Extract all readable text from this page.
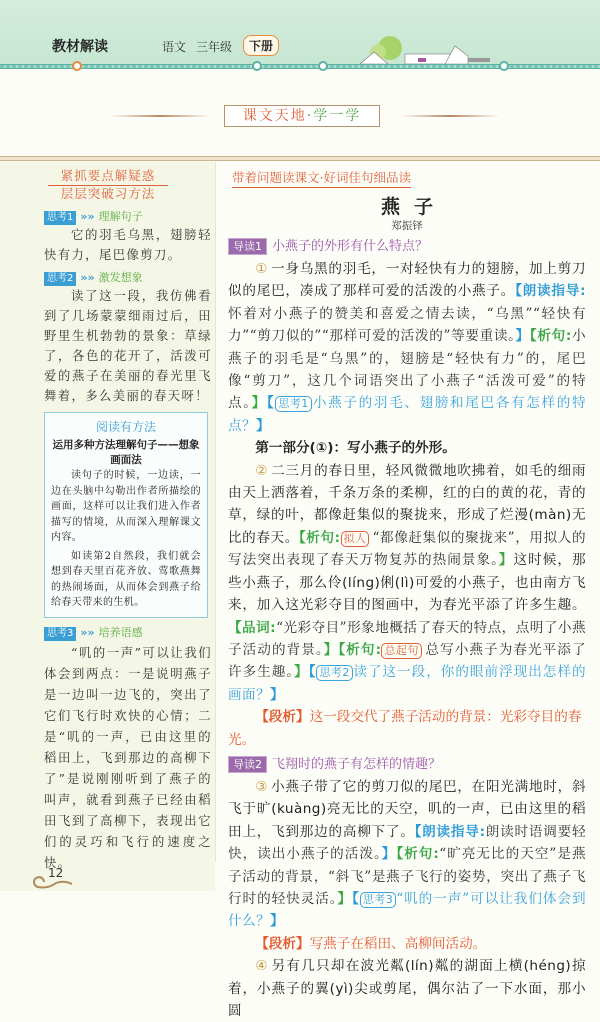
教材解读	语文 三年级	下册
课文天地·学一学
紧抓要点解疑惑
层层突破习方法
思考1 »» 理解句子
它的羽毛乌黑，翅膀轻快有力，尾巴像剪刀。
思考2 »» 激发想象
读了这一段，我仿佛看到了几场蒙蒙细雨过后，田野里生机勃勃的景象：草绿了，各色的花开了，活泼可爱的燕子在美丽的春光里飞舞着，多么美丽的春天呀！
阅读有方法
运用多种方法理解句子——想象画面法
读句子的时候，一边读，一边在头脑中勾勒出作者所描绘的画面，这样可以让我们进入作者描写的情境，从而深入理解课文内容。
如读第2自然段，我们就会想到春天里百花齐放、莺歌燕舞的热闹场面，从而体会到燕子给给春天带来的生机。
思考3 »» 培养语感
“叽的一声”可以让我们体会到两点：一是说明燕子是一边叫一边飞的，突出了它们飞行时欢快的心情；二是“叽的一声，已由这里的稻田上，飞到那边的高柳下了”是说刚刚听到了燕子的叫声，就看到燕子已经由稻田飞到了高柳下，表现出它们的灵巧和飞行的速度之快。
带着问题读课文·好词佳句细品读
燕子
郑振铎
导读1 小燕子的外形有什么特点？
① 一身乌黑的羽毛，一对轻快有力的翅膀，加上剪刀似的尾巴，凑成了那样可爱的活泼的小燕子。【朗读指导:怀着对小燕子的赞美和喜爱之情去读，“乌黑”“轻快有力”“剪刀似的”“那样可爱的活泼的”等要重读。】【析句:小燕子的羽毛是“乌黑”的，翅膀是“轻快有力”的，尾巴像“剪刀”，这几个词语突出了小燕子“活泼可爱”的特点。】【 思考1 小燕子的羽毛、翅膀和尾巴各有怎样的特点？】
第一部分(①)：写小燕子的外形。
② 二三月的春日里，轻风微微地吹拂着，如毛的细雨由天上洒落着，千条万条的柔柳，红的白的黄的花，青的草，绿的叶，都像赶集似的聚拢来，形成了烂漫(màn)无比的春天。【析句: 拟人 “都像赶集似的聚拢来”，用拟人的写法突出表现了春天万物复苏的热闹景象。】这时候，那些小燕子，那么伶(líng)俐(lì)可爱的小燕子，也由南方飞来，加入这光彩夺目的图画中，为春光平添了许多生趣。【品词:“光彩夺目”形象地概括了春天的特点，点明了小燕子活动的背景。】【析句: 总起句 总写小燕子为春光平添了许多生趣。】【 思考2 读了这一段，你的眼前浮现出怎样的画面？】
【段析】这一段交代了燕子活动的背景：光彩夺目的春光。
导读2 飞翔时的燕子有怎样的情趣？
③ 小燕子带了它的剪刀似的尾巴，在阳光满地时，斜飞于旷(kuàng)亮无比的天空，叽的一声，已由这里的稻田上，飞到那边的高柳下了。【朗读指导:朗读时语调要轻快，读出小燕子的活泼。】【析句:“旷亮无比的天空”是燕子活动的背景，“斜飞”是燕子飞行的姿势，突出了燕子飞行时的轻快灵活。】【 思考3 “叽的一声”可以让我们体会到什么？】
【段析】写燕子在稻田、高柳间活动。
④ 另有几只却在波光粼(lín)粼的湖面上横(héng)掠着，小燕子的翼(yì)尖或剪尾，偶尔沾了一下水面，那小圆
12
